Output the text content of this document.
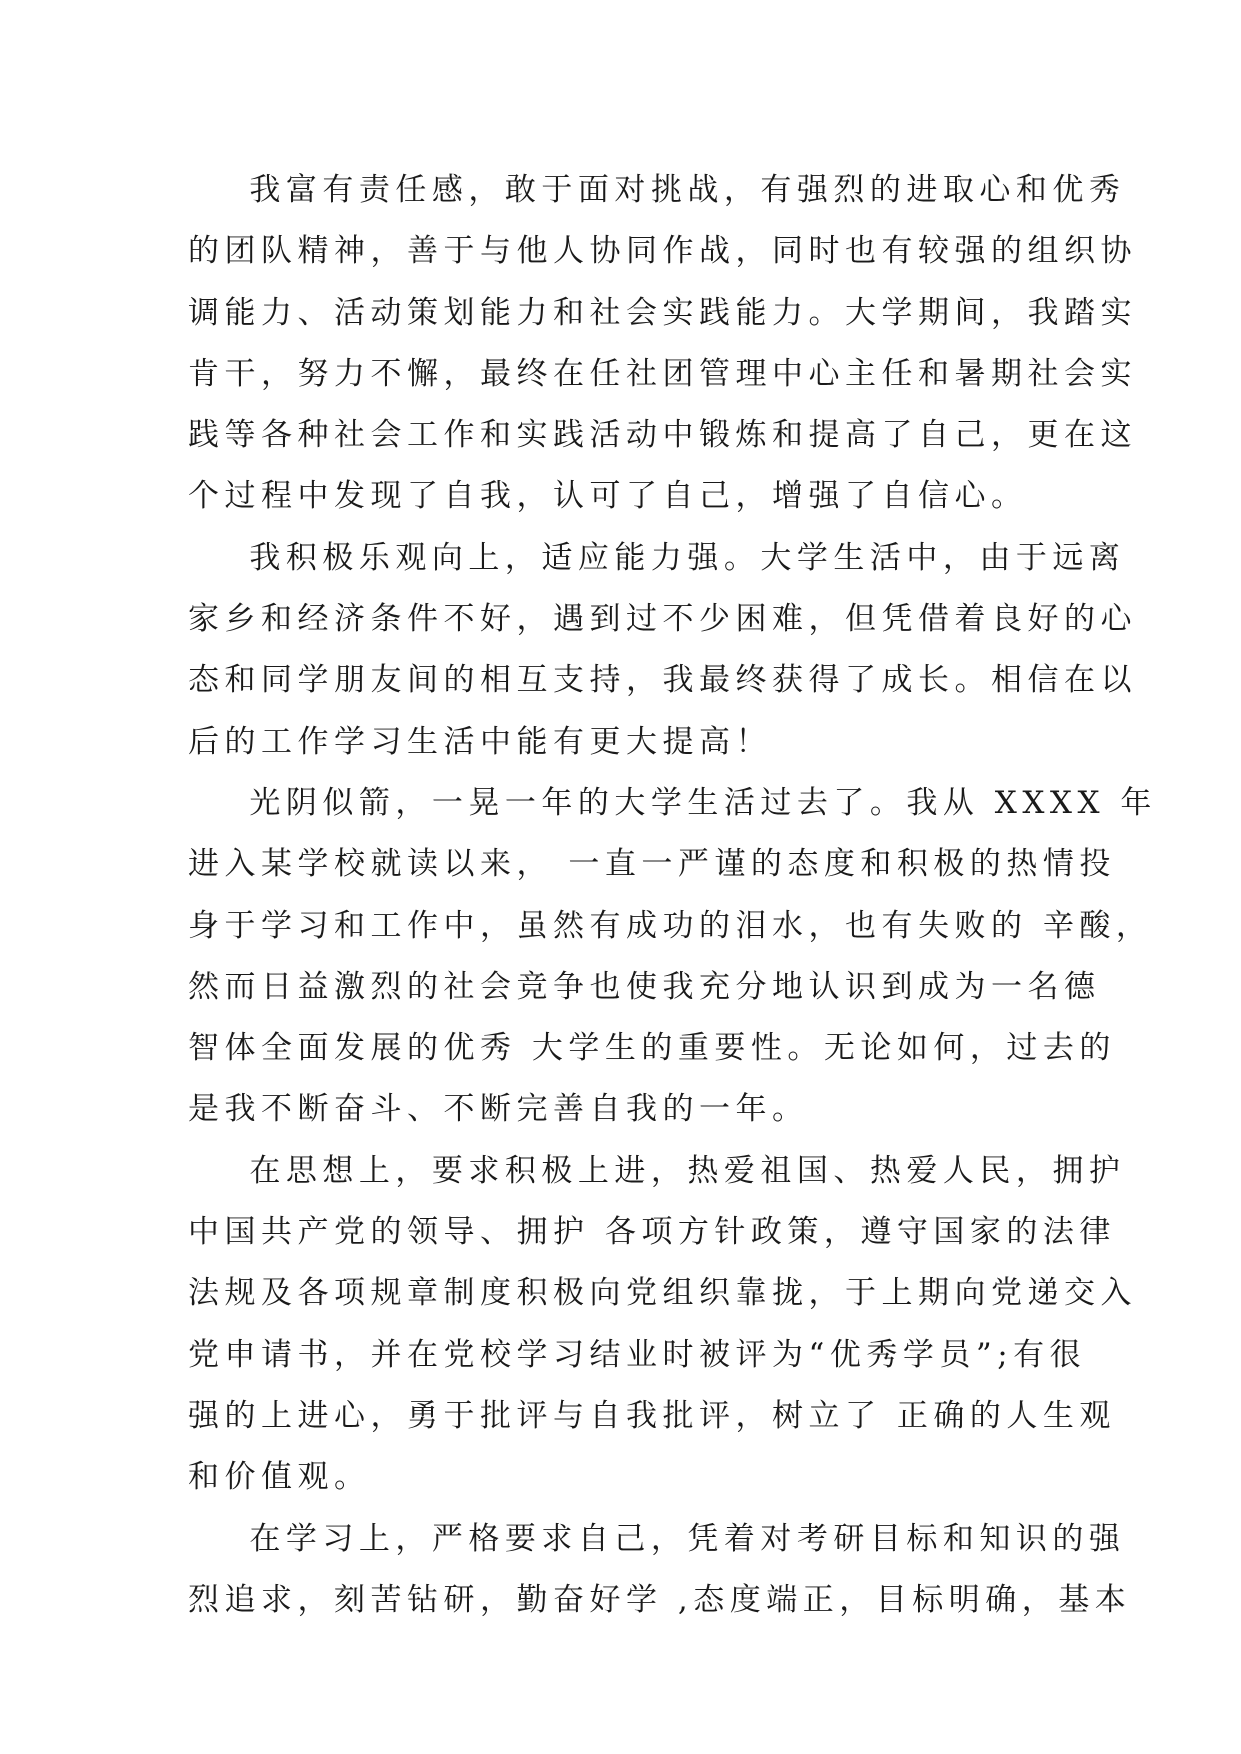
我富有责任感，敢于面对挑战，有强烈的进取心和优秀
的团队精神，善于与他人协同作战，同时也有较强的组织协
调能力、活动策划能力和社会实践能力。大学期间，我踏实
肯干，努力不懈，最终在任社团管理中心主任和暑期社会实
践等各种社会工作和实践活动中锻炼和提高了自己，更在这
个过程中发现了自我，认可了自己，增强了自信心。
我积极乐观向上，适应能力强。大学生活中，由于远离
家乡和经济条件不好，遇到过不少困难，但凭借着良好的心
态和同学朋友间的相互支持，我最终获得了成长。相信在以
后的工作学习生活中能有更大提高！
光阴似箭，一晃一年的大学生活过去了。我从 XXXX 年
进入某学校就读以来， 一直一严谨的态度和积极的热情投
身于学习和工作中，虽然有成功的泪水，也有失败的 辛酸，
然而日益激烈的社会竞争也使我充分地认识到成为一名德
智体全面发展的优秀 大学生的重要性。无论如何，过去的
是我不断奋斗、不断完善自我的一年。
在思想上，要求积极上进，热爱祖国、热爱人民，拥护
中国共产党的领导、拥护 各项方针政策，遵守国家的法律
法规及各项规章制度积极向党组织靠拢，于上期向党递交入
党申请书，并在党校学习结业时被评为“优秀学员”;有很
强的上进心，勇于批评与自我批评，树立了 正确的人生观
和价值观。
在学习上，严格要求自己，凭着对考研目标和知识的强
烈追求，刻苦钻研，勤奋好学 ,态度端正，目标明确，基本
